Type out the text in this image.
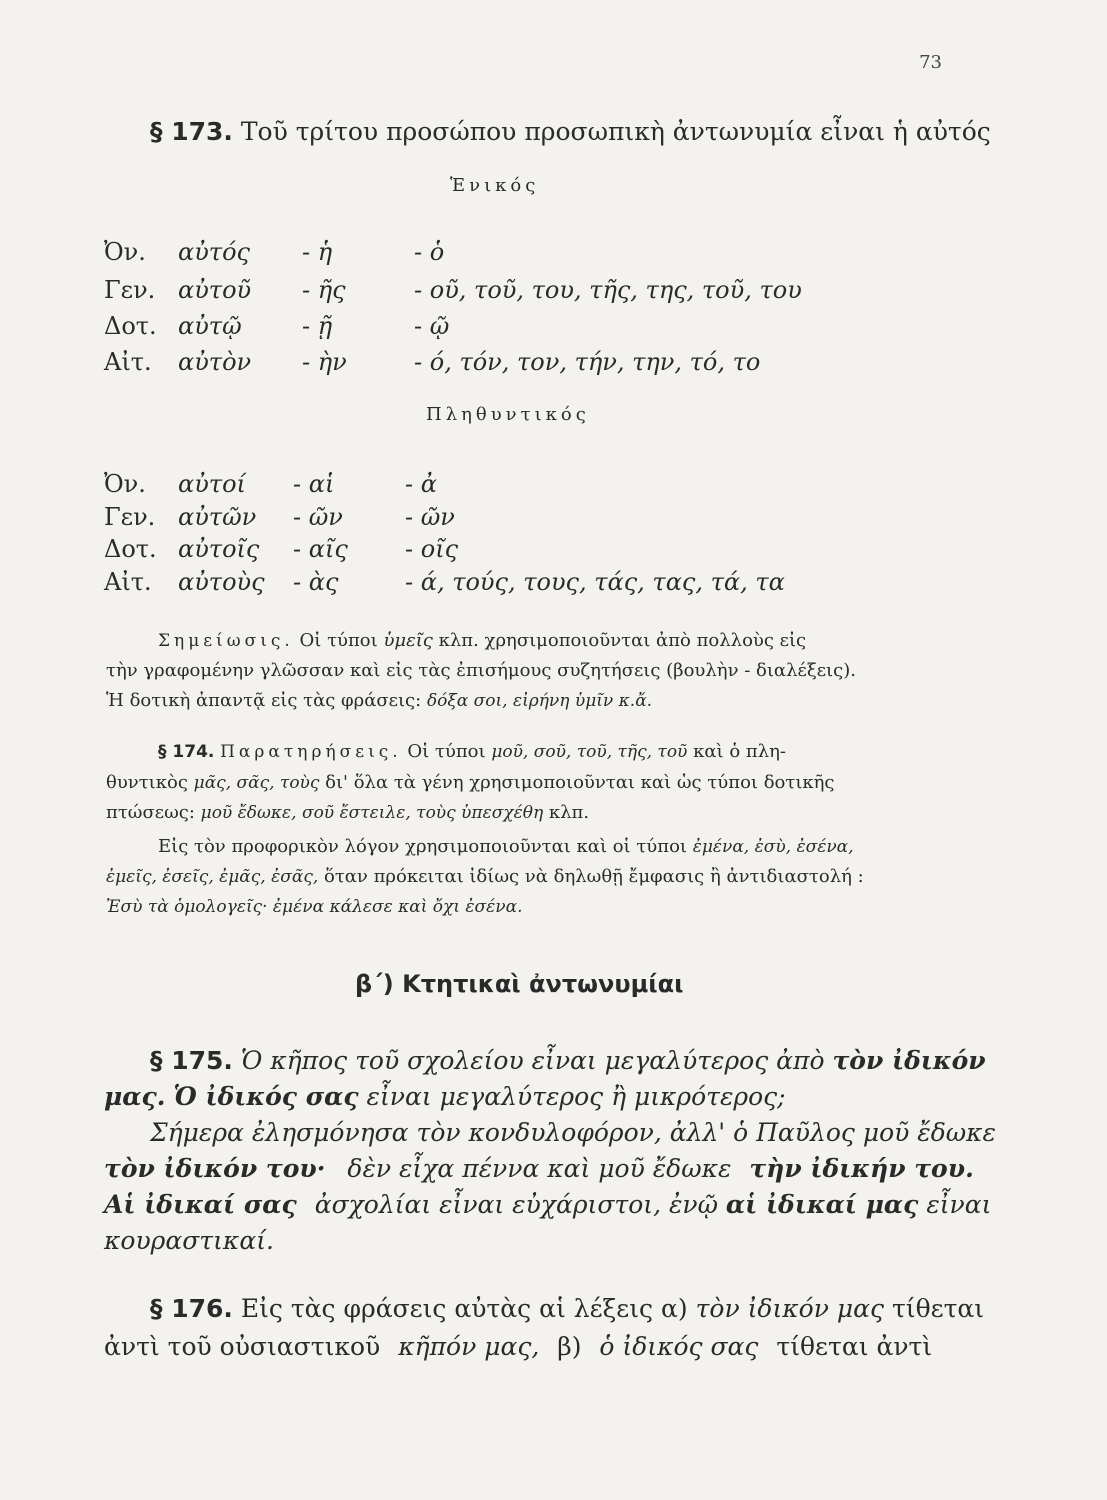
73
§ 173. Τοῦ τρίτου προσώπου προσωπικὴ ἀντωνυμία εἶναι ἡ αὐτός
Ἑνικός
Ὀν. αὐτός - ἡ	- ὁ
Γεν. αὐτοῦ - ῆς	- οῦ, τοῦ, του, τῆς, της, τοῦ, του
Δοτ. αὐτῷ	- ῇ	- ῷ
Αἰτ. αὐτὸν - ὴν	- ό, τόν, τον, τήν, την, τό, το
Πληθυντικός
Ὀν. αὐτοί - αἱ	- ἀ
Γεν. αὐτῶν - ῶν	- ῶν
Δοτ. αὐτοῖς - αῖς - οῖς
Αἰτ. αὐτοὺς - ὰς	- ά, τούς, τους, τάς, τας, τά, τα
Σημείωσις. Οἱ τύποι ὑμεῖς κλπ. χρησιμοποιοῦνται ἀπὸ πολλοὺς εἰς
τὴν γραφομένην γλῶσσαν καὶ εἰς τὰς ἐπισήμους συζητήσεις (βουλὴν - διαλέξεις).
Ἡ δοτικὴ ἀπαντᾷ εἰς τὰς φράσεις: δόξα σοι, εἰρήνη ὑμῖν κ.ἄ.
§ 174. Παρατηρήσεις. Οἱ τύποι μοῦ, σοῦ, τοῦ, τῆς, τοῦ καὶ ὁ πλη-
θυντικὸς μᾶς, σᾶς, τοὺς δι' ὅλα τὰ γένη χρησιμοποιοῦνται καὶ ὡς τύποι δοτικῆς
πτώσεως: μοῦ ἔδωκε, σοῦ ἔστειλε, τοὺς ὑπεσχέθη κλπ.
Εἰς τὸν προφορικὸν λόγον χρησιμοποιοῦνται καὶ οἱ τύποι ἐμένα, ἐσὺ, ἐσένα,
ἐμεῖς, ἐσεῖς, ἐμᾶς, ἐσᾶς, ὅταν πρόκειται ἰδίως νὰ δηλωθῇ ἔμφασις ἢ ἀντιδιαστολή :
Ἐσὺ τὰ ὁμολογεῖς· ἐμένα κάλεσε καὶ ὄχι ἐσένα.
β΄) Κτητικαὶ ἀντωνυμίαι
§ 175. Ὁ κῆπος τοῦ σχολείου εἶναι μεγαλύτερος ἀπὸ τὸν ἰδικόν
μας. Ὁ ἰδικός σας εἶναι μεγαλύτερος ἢ μικρότερος;
Σήμερα ἐλησμόνησα τὸν κονδυλοφόρον, ἀλλ' ὁ Παῦλος μοῦ ἔδωκε
τὸν ἰδικόν του· δὲν εἶχα πέννα καὶ μοῦ ἔδωκε τὴν ἰδικήν του.
Αἱ ἰδικαί σας ἀσχολίαι εἶναι εὐχάριστοι, ἐνῷ αἱ ἰδικαί μας εἶναι
κουραστικαί.
§ 176. Εἰς τὰς φράσεις αὐτὰς αἱ λέξεις α) τὸν ἰδικόν μας τίθεται
ἀντὶ τοῦ οὐσιαστικοῦ κῆπόν μας, β) ὁ ἰδικός σας τίθεται ἀντὶ
